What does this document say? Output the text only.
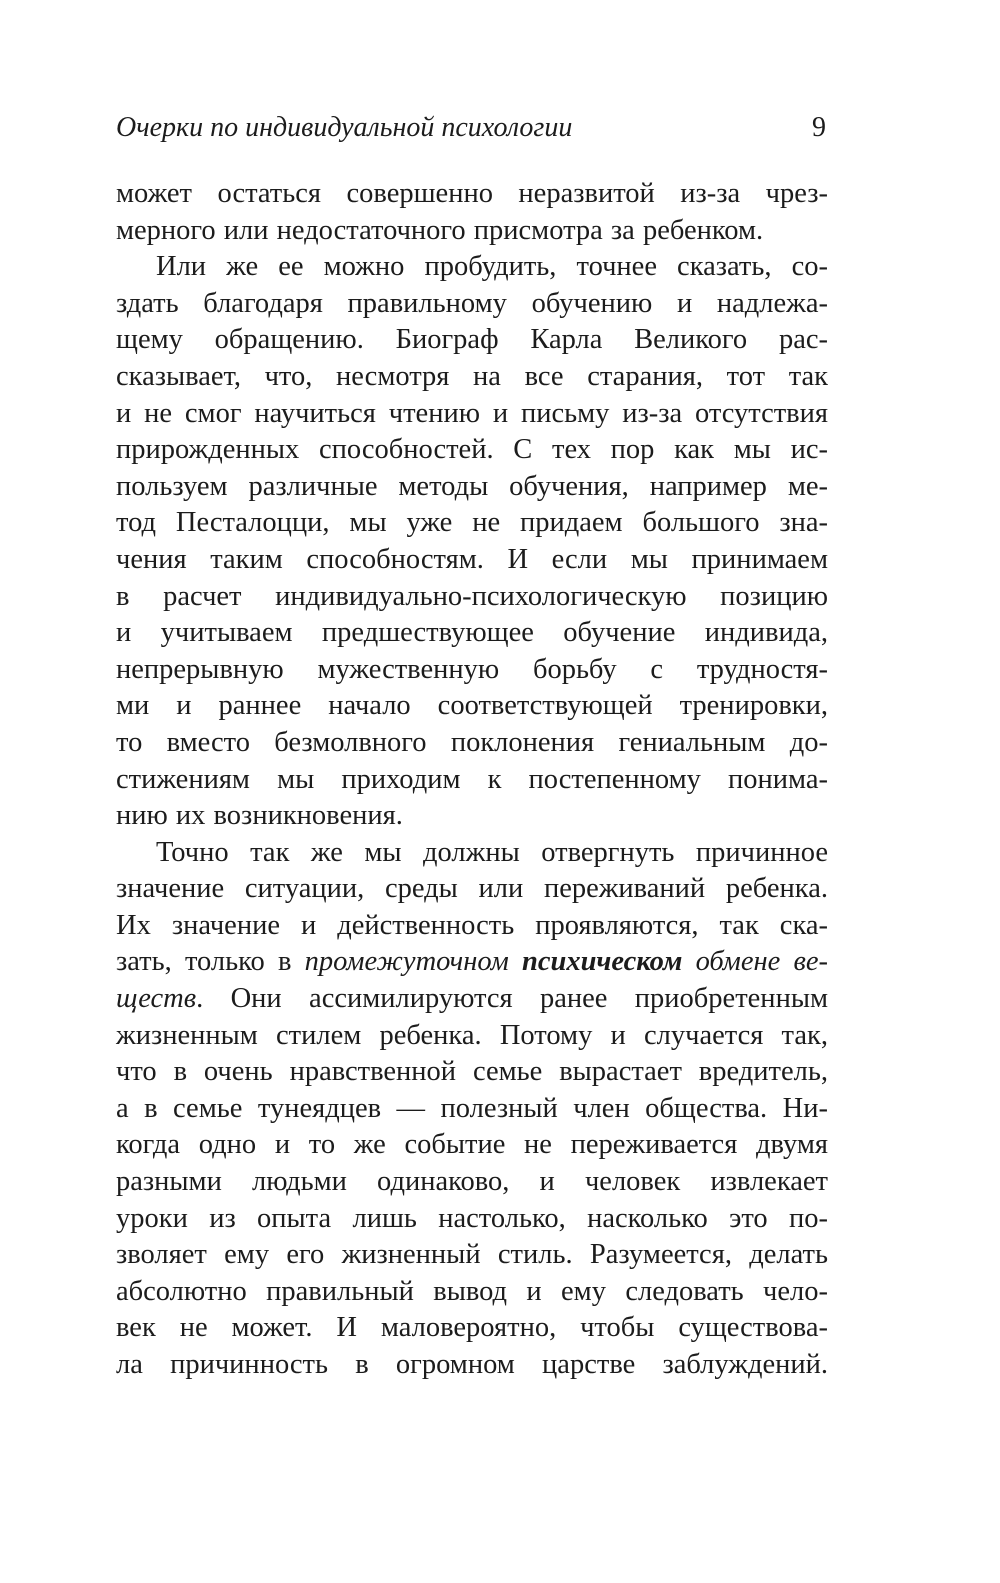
Очерки по индивидуальной психологии	9
может остаться совершенно неразвитой из-за чрез-
мерного или недостаточного присмотра за ребенком.
Или же ее можно пробудить, точнее сказать, со-
здать благодаря правильному обучению и надлежа-
щему обращению. Биограф Карла Великого рас-
сказывает, что, несмотря на все старания, тот так
и не смог научиться чтению и письму из-за отсутствия
прирожденных способностей. С тех пор как мы ис-
пользуем различные методы обучения, например ме-
тод Песталоцци, мы уже не придаем большого зна-
чения таким способностям. И если мы принимаем
в расчет индивидуально-психологическую позицию
и учитываем предшествующее обучение индивида,
непрерывную мужественную борьбу с трудностя-
ми и раннее начало соответствующей тренировки,
то вместо безмолвного поклонения гениальным до-
стижениям мы приходим к постепенному понима-
нию их возникновения.
Точно так же мы должны отвергнуть причинное
значение ситуации, среды или переживаний ребенка.
Их значение и действенность проявляются, так ска-
зать, только в промежуточном психическом обмене ве-
ществ. Они ассимилируются ранее приобретенным
жизненным стилем ребенка. Потому и случается так,
что в очень нравственной семье вырастает вредитель,
а в семье тунеядцев — полезный член общества. Ни-
когда одно и то же событие не переживается двумя
разными людьми одинаково, и человек извлекает
уроки из опыта лишь настолько, насколько это по-
зволяет ему его жизненный стиль. Разумеется, делать
абсолютно правильный вывод и ему следовать чело-
век не может. И маловероятно, чтобы существова-
ла причинность в огромном царстве заблуждений.
